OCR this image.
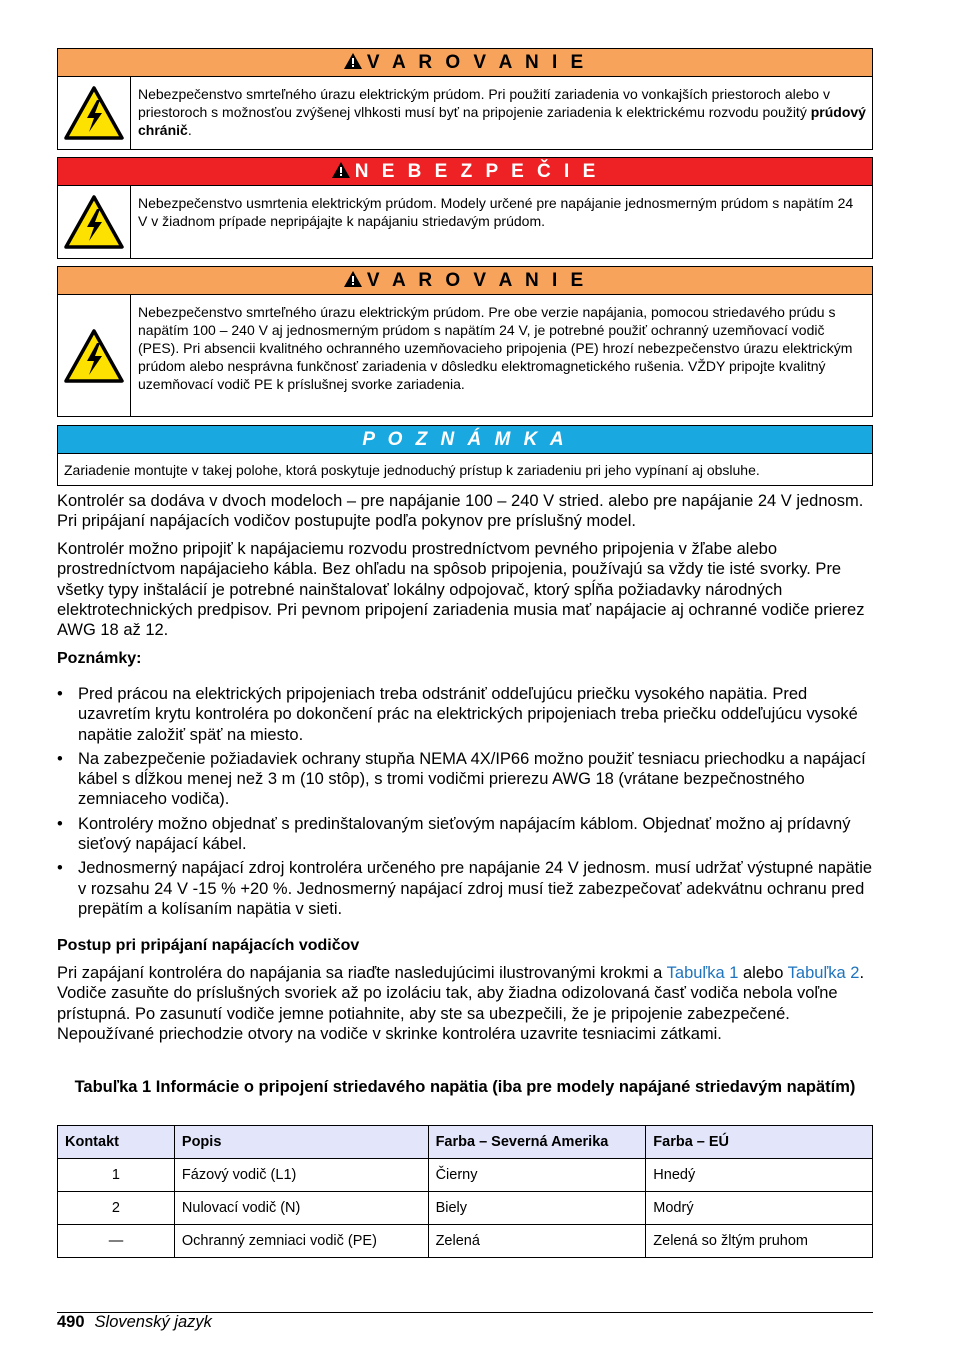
V A R O V A N I E
Nebezpečenstvo smrteľného úrazu elektrickým prúdom. Pri použití zariadenia vo vonkajších priestoroch alebo v priestoroch s možnosťou zvýšenej vlhkosti musí byť na pripojenie zariadenia k elektrickému rozvodu použitý prúdový chránič.
N E B E Z P E Č I E
Nebezpečenstvo usmrtenia elektrickým prúdom. Modely určené pre napájanie jednosmerným prúdom s napätím 24 V v žiadnom prípade nepripájajte k napájaniu striedavým prúdom.
V A R O V A N I E
Nebezpečenstvo smrteľného úrazu elektrickým prúdom. Pre obe verzie napájania, pomocou striedavého prúdu s napätím 100 – 240 V aj jednosmerným prúdom s napätím 24 V, je potrebné použiť ochranný uzemňovací vodič (PES). Pri absencii kvalitného ochranného uzemňovacieho pripojenia (PE) hrozí nebezpečenstvo úrazu elektrickým prúdom alebo nesprávna funkčnosť zariadenia v dôsledku elektromagnetického rušenia. VŽDY pripojte kvalitný uzemňovací vodič PE k príslušnej svorke zariadenia.
P O Z N Á M K A
Zariadenie montujte v takej polohe, ktorá poskytuje jednoduchý prístup k zariadeniu pri jeho vypínaní aj obsluhe.

Kontrolér sa dodáva v dvoch modeloch – pre napájanie 100 – 240 V stried. alebo pre napájanie 24 V jednosm. Pri pripájaní napájacích vodičov postupujte podľa pokynov pre príslušný model.

Kontrolér možno pripojiť k napájaciemu rozvodu prostredníctvom pevného pripojenia v žľabe alebo prostredníctvom napájacieho kábla. Bez ohľadu na spôsob pripojenia, používajú sa vždy tie isté svorky. Pre všetky typy inštalácií je potrebné nainštalovať lokálny odpojovač, ktorý spĺňa požiadavky národných elektrotechnických predpisov. Pri pevnom pripojení zariadenia musia mať napájacie aj ochranné vodiče prierez AWG 18 až 12.

Poznámky:
• Pred prácou na elektrických pripojeniach treba odstrániť oddeľujúcu priečku vysokého napätia. Pred uzavretím krytu kontroléra po dokončení prác na elektrických pripojeniach treba priečku oddeľujúcu vysoké napätie založiť späť na miesto.
• Na zabezpečenie požiadaviek ochrany stupňa NEMA 4X/IP66 možno použiť tesniacu priechodku a napájací kábel s dĺžkou menej než 3 m (10 stôp), s tromi vodičmi prierezu AWG 18 (vrátane bezpečnostného zemniaceho vodiča).
• Kontroléry možno objednať s predinštalovaným sieťovým napájacím káblom. Objednať možno aj prídavný sieťový napájací kábel.
• Jednosmerný napájací zdroj kontroléra určeného pre napájanie 24 V jednosm. musí udržať výstupné napätie v rozsahu 24 V -15 % +20 %. Jednosmerný napájací zdroj musí tiež zabezpečovať adekvátnu ochranu pred prepätím a kolísaním napätia v sieti.
Postup pri pripájaní napájacích vodičov

Pri zapájaní kontroléra do napájania sa riaďte nasledujúcimi ilustrovanými krokmi a Tabuľka 1 alebo Tabuľka 2. Vodiče zasuňte do príslušných svoriek až po izoláciu tak, aby žiadna odizolovaná časť vodiča nebola voľne prístupná. Po zasunutí vodiče jemne potiahnite, aby ste sa ubezpečili, že je pripojenie zabezpečené. Nepoužívané priechodzie otvory na vodiče v skrinke kontroléra uzavrite tesniacimi zátkami.

Tabuľka 1 Informácie o pripojení striedavého napätia (iba pre modely napájané striedavým napätím)
Kontakt	Popis	Farba – Severná Amerika	Farba – EÚ
1	Fázový vodič (L1)	Čierny	Hnedý
2	Nulovací vodič (N)	Biely	Modrý
—	Ochranný zemniaci vodič (PE)	Zelená	Zelená so žltým pruhom
490 Slovenský jazyk
